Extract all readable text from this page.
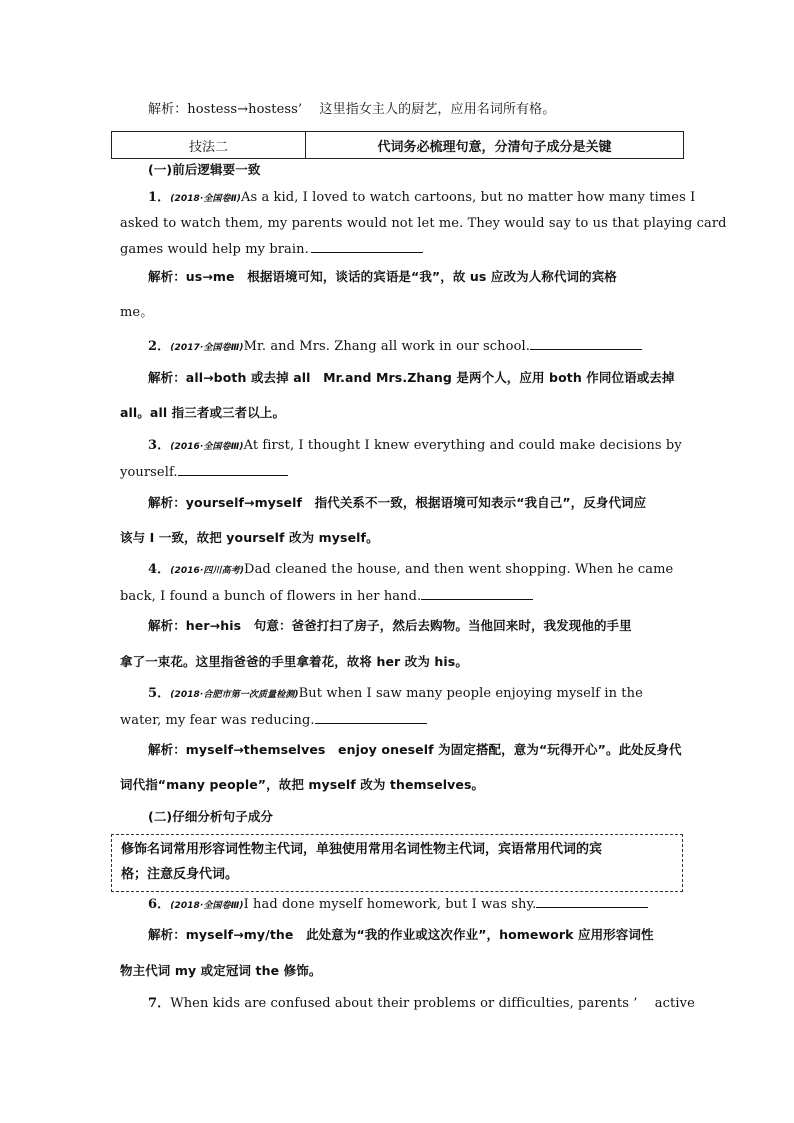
解析：hostess→hostess’　 这里指女主人的厨艺，应用名词所有格。
技法二	代词务必梳理句意，分清句子成分是关键
(一)前后逻辑要一致
1．(2018·全国卷Ⅱ)As a kid, I loved to watch cartoons, but no matter how many times I
asked to watch them, my parents would not let me. They would say to us that playing card
games would help my brain.
解析：us→me　根据语境可知，谈话的宾语是“我”，故 us 应改为人称代词的宾格
me。
2．(2017·全国卷Ⅲ)Mr. and Mrs. Zhang all work in our school.
解析：all→both 或去掉 all　Mr.and Mrs.Zhang 是两个人，应用 both 作同位语或去掉
all。all 指三者或三者以上。
3．(2016·全国卷Ⅲ)At first, I thought I knew everything and could make decisions by
yourself.
解析：yourself→myself　指代关系不一致，根据语境可知表示“我自己”，反身代词应
该与 I 一致，故把 yourself 改为 myself。
4．(2016·四川高考)Dad cleaned the house, and then went shopping. When he came
back, I found a bunch of flowers in her hand.
解析：her→his　句意：爸爸打扫了房子，然后去购物。当他回来时，我发现他的手里
拿了一束花。这里指爸爸的手里拿着花，故将 her 改为 his。
5．(2018·合肥市第一次质量检测)But when I saw many people enjoying myself in the
water, my fear was reducing.
解析：myself→themselves　enjoy oneself 为固定搭配，意为“玩得开心”。此处反身代
词代指“many people”，故把 myself 改为 themselves。
(二)仔细分析句子成分
修饰名词常用形容词性物主代词，单独使用常用名词性物主代词，宾语常用代词的宾
格；注意反身代词。
6．(2018·全国卷Ⅲ)I had done myself homework, but I was shy.
解析：myself→my/the　此处意为“我的作业或这次作业”，homework 应用形容词性
物主代词 my 或定冠词 the 修饰。
7．When kids are confused about their problems or difficulties, parents ’　 active
